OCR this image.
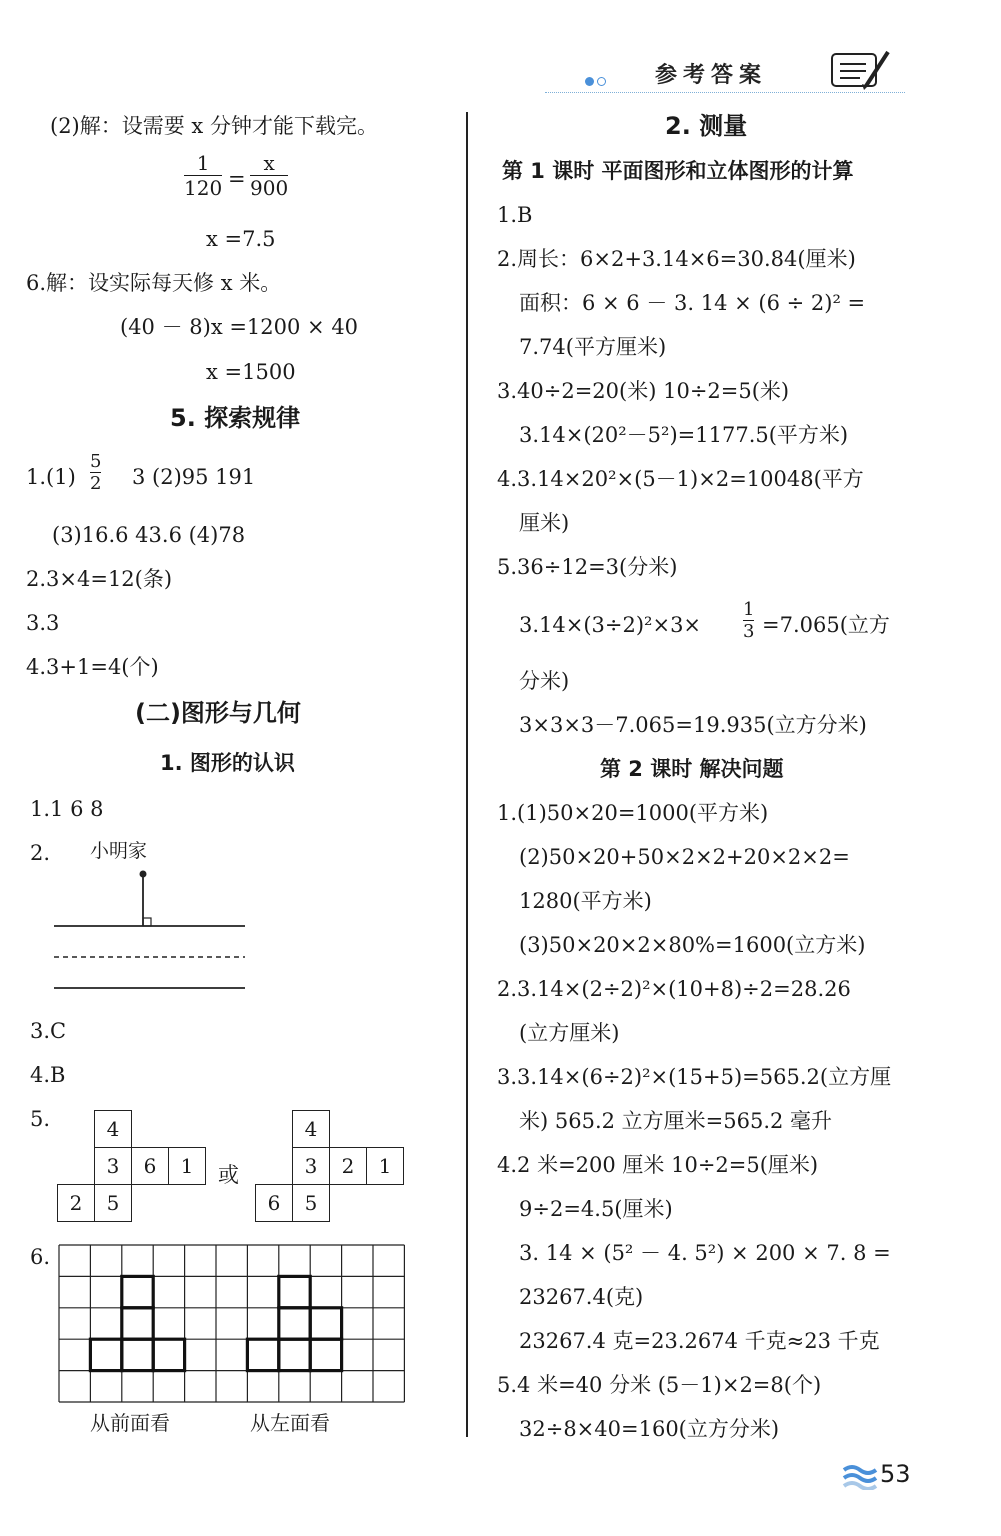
参考答案
(2)解：设需要 x 分钟才能下载完。
1
120 =
x
900
x =7.5
6.解：设实际每天修 x 米。
(40 － 8)x =1200 × 40
x =1500
5. 探索规律
1.(1)
5
2 3 (2)95 191
(3)16.6 43.6 (4)78
2.3×4=12(条)
3.3
4.3+1=4(个)
(二)图形与几何
1. 图形的认识
1.1 6 8
2. 小明家
3.C
4.B
5.	4
3	6	1
2	5
或
4
3	2	1
6	5
6.
从前面看	从左面看
2. 测量
第 1 课时 平面图形和立体图形的计算
1.B
2.周长：6×2+3.14×6=30.84(厘米)
面积：6 × 6 － 3. 14 × (6 ÷ 2)² =
7.74(平方厘米)
3.40÷2=20(米) 10÷2=5(米)
3.14×(20²－5²)=1177.5(平方米)
4.3.14×20²×(5－1)×2=10048(平方
厘米)
5.36÷12=3(分米)
3.14×(3÷2)²×3×
1
3 =7.065(立方
分米)
3×3×3－7.065=19.935(立方分米)
第 2 课时 解决问题
1.(1)50×20=1000(平方米)
(2)50×20+50×2×2+20×2×2=
1280(平方米)
(3)50×20×2×80%=1600(立方米)
2.3.14×(2÷2)²×(10+8)÷2=28.26
(立方厘米)
3.3.14×(6÷2)²×(15+5)=565.2(立方厘
米) 565.2 立方厘米=565.2 毫升
4.2 米=200 厘米 10÷2=5(厘米)
9÷2=4.5(厘米)
3. 14 × (5² － 4. 5²) × 200 × 7. 8 =
23267.4(克)
23267.4 克=23.2674 千克≈23 千克
5.4 米=40 分米 (5－1)×2=8(个)
32÷8×40=160(立方分米)
53
